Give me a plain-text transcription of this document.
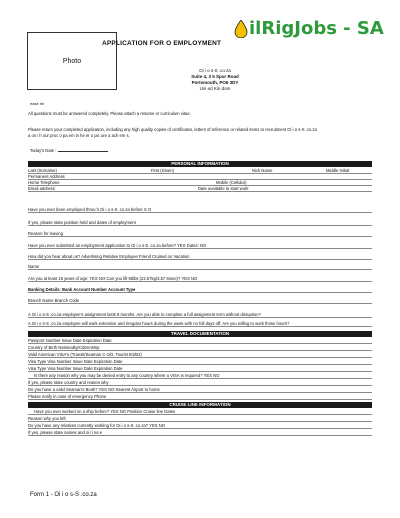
Photo
APPLICATION FOR O EMPLOYMENT
ilRigJobs - SA
Oi i o s-S .co.za
Suite 4, 3 5 Spur Road
Portsmouth, PO6 3DY
Uni ed Kin dom
ease rin
All questions must be answered completely. Please attach a resume or curriculum vitae.
Please return your completed application, including any high quality copies of certificates, letters of reference or related items to recruitment Oi i o s-S .co.za
a on i h our proc o pa em in he er o pic ure a ach em s.
Today's Date :
PERSONAL INFORMATION
Last (Surname)	First (Given)	Nick Name	Middle Initial
Permanent Address
Home Telephone	Mobile (Cellular)
Email address:	Date available to start work
Have you ever been employed throu h Oi i o s-S .co.za before S O
If yes, please state position held and dates of employment
Reason for leaving
Have you ever submitted an employment application to Oi i o s-S .co.za before? YES Dates: NO
How did you hear about us? Advertising Relative Employee Friend Cruised on Vacation
Name
Are you at least 18 years of age: YES NO Can you lift 55lbs (22.67kg/3.57 stone)? YES NO
Banking Details: Bank Account Number Account Type
Branch Name Branch Code
A Oi i o s-S .co.za employee's assignment lasts 8 months. Are you able to complete a full assignment term without disruption?
A Oi i o s-S .co.za employee will work extensive and irregular hours during the week with no full days off. Are you willing to work those hours?
TRAVEL DOCUMENTATION
Passport Number Issue Date Expiration Date
Country of Birth Nationality/Citizenship
Valid American VISA's (Transit/Seaman C-1/D, Tourist B1/B2)
Visa Type Visa Number Issue Date Expiration Date
Visa Type Visa Number Issue Date Expiration Date
Is there any reason why you may be denied entry to any country where a VISA is required? YES NO
If yes, please state country and reason why
Do you have a valid Seaman's Book? YES NO Nearest Airport to home
Please notify in case of emergency Phone
CRUISE LINE INFORMATION
Have you ever worked on a ship before? YES NO Position Cruise line Dates
Reason why you left
Do you have any relatives currently working for Oi i o s-S .co.za? YES NO
If yes, please state names and oi ri na e
Form 1 - Oi i o s-S .co.za
